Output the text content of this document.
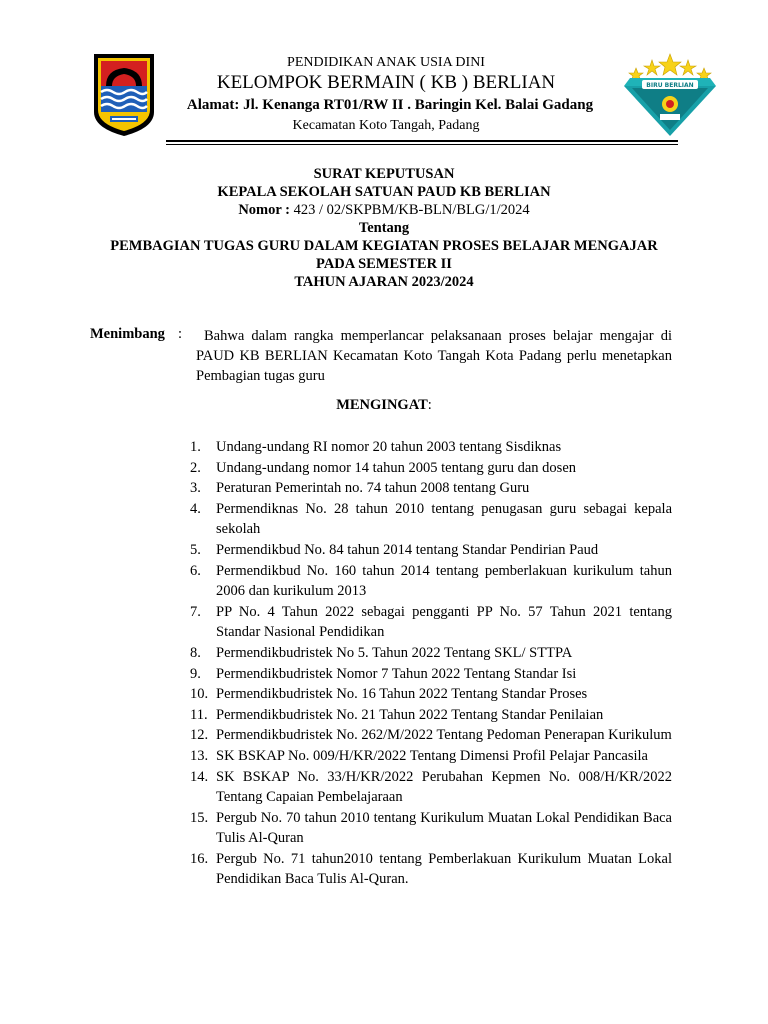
PENDIDIKAN ANAK USIA DINI
KELOMPOK BERMAIN ( KB ) BERLIAN
Alamat: Jl. Kenanga RT01/RW II . Baringin Kel. Balai Gadang
Kecamatan Koto Tangah, Padang
BIRU BERLIAN
SURAT KEPUTUSAN
KEPALA SEKOLAH SATUAN PAUD KB BERLIAN
Nomor : 423 / 02/SKPBM/KB-BLN/BLG/1/2024
Tentang
PEMBAGIAN TUGAS GURU DALAM KEGIATAN PROSES BELAJAR MENGAJAR
PADA SEMESTER II
TAHUN AJARAN 2023/2024
Menimbang :	Bahwa dalam rangka memperlancar pelaksanaan proses belajar mengajar di PAUD KB BERLIAN Kecamatan Koto Tangah Kota Padang perlu menetapkan Pembagian tugas guru
MENGINGAT:
1. Undang-undang RI nomor 20 tahun 2003 tentang Sisdiknas
2. Undang-undang nomor 14 tahun 2005 tentang guru dan dosen
3. Peraturan Pemerintah no. 74 tahun 2008 tentang Guru
4. Permendiknas No. 28 tahun 2010 tentang penugasan guru sebagai kepala sekolah
5. Permendikbud No. 84 tahun 2014 tentang Standar Pendirian Paud
6. Permendikbud No. 160 tahun 2014 tentang pemberlakuan kurikulum tahun 2006 dan kurikulum 2013
7. PP No. 4 Tahun 2022 sebagai pengganti PP No. 57 Tahun 2021 tentang Standar Nasional Pendidikan
8. Permendikbudristek No 5. Tahun 2022 Tentang SKL/ STTPA
9. Permendikbudristek Nomor 7 Tahun 2022 Tentang Standar Isi
10. Permendikbudristek No. 16 Tahun 2022 Tentang Standar Proses
11. Permendikbudristek No. 21 Tahun 2022 Tentang Standar Penilaian
12. Permendikbudristek No. 262/M/2022 Tentang Pedoman Penerapan Kurikulum
13. SK BSKAP No. 009/H/KR/2022 Tentang Dimensi Profil Pelajar Pancasila
14. SK BSKAP No. 33/H/KR/2022 Perubahan Kepmen No. 008/H/KR/2022 Tentang Capaian Pembelajaraan
15. Pergub No. 70 tahun 2010 tentang Kurikulum Muatan Lokal Pendidikan Baca Tulis Al-Quran
16. Pergub No. 71 tahun2010 tentang Pemberlakuan Kurikulum Muatan Lokal Pendidikan Baca Tulis Al-Quran.
